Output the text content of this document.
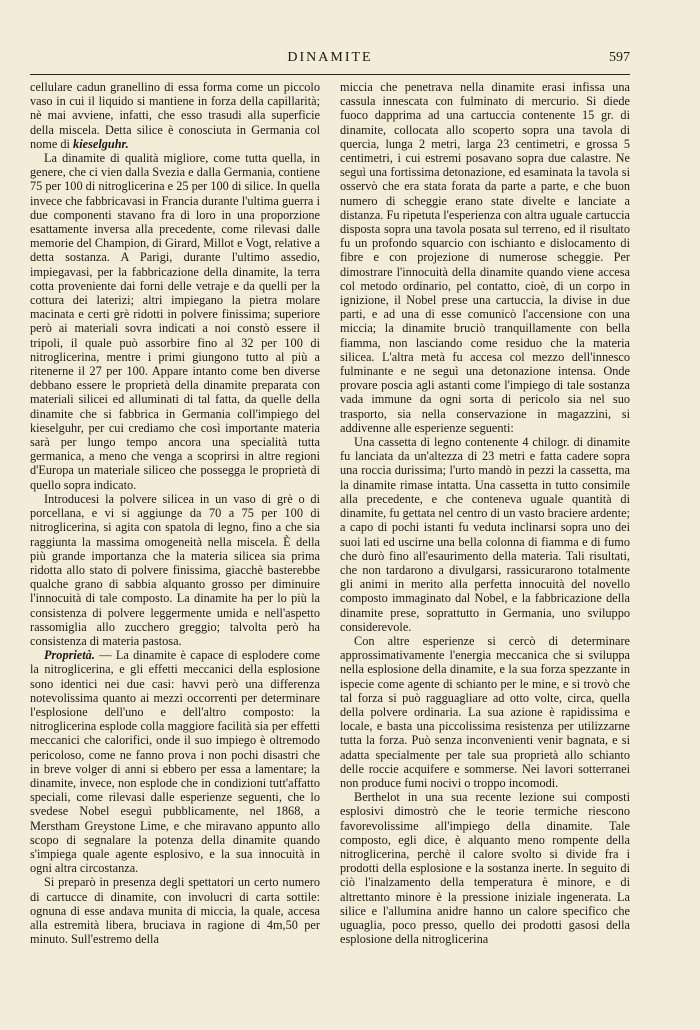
DINAMITE	597

cellulare cadun granellino di essa forma come un piccolo vaso in cui il liquido si mantiene in forza della capillarità; nè mai avviene, infatti, che esso trasudi alla superficie della miscela. Detta silice è conosciuta in Germania col nome di kieselguhr.

La dinamite di qualità migliore, come tutta quella, in genere, che ci vien dalla Svezia e dalla Germania, contiene 75 per 100 di nitroglicerina e 25 per 100 di silice. In quella invece che fabbricavasi in Francia durante l'ultima guerra i due componenti stavano fra di loro in una proporzione esattamente inversa alla precedente, come rilevasi dalle memorie del Champion, di Girard, Millot e Vogt, relative a detta sostanza. A Parigi, durante l'ultimo assedio, impiegavasi, per la fabbricazione della dinamite, la terra cotta proveniente dai forni delle vetraje e da quelli per la cottura dei laterizi; altri impiegano la pietra molare macinata e certi grè ridotti in polvere finissima; superiore però ai materiali sovra indicati a noi constò essere il tripoli, il quale può assorbire fino al 32 per 100 di nitroglicerina, mentre i primi giungono tutto al più a ritenerne il 27 per 100. Appare intanto come ben diverse debbano essere le proprietà della dinamite preparata con materiali silicei ed alluminati di tal fatta, da quelle della dinamite che si fabbrica in Germania coll'impiego del kieselguhr, per cui crediamo che così importante materia sarà per lungo tempo ancora una specialità tutta germanica, a meno che venga a scoprirsi in altre regioni d'Europa un materiale siliceo che possegga le proprietà di quello sopra indicato.

Introducesi la polvere silicea in un vaso di grè o di porcellana, e vi si aggiunge da 70 a 75 per 100 di nitroglicerina, si agita con spatola di legno, fino a che sia raggiunta la massima omogeneità nella miscela. È della più grande importanza che la materia silicea sia prima ridotta allo stato di polvere finissima, giacchè basterebbe qualche grano di sabbia alquanto grosso per diminuire l'innocuità di tale composto. La dinamite ha per lo più la consistenza di polvere leggermente umida e nell'aspetto rassomiglia allo zucchero greggio; talvolta però ha consistenza di materia pastosa.

Proprietà. — La dinamite è capace di esplodere come la nitroglicerina, e gli effetti meccanici della esplosione sono identici nei due casi: havvi però una differenza notevolissima quanto ai mezzi occorrenti per determinare l'esplosione dell'uno e dell'altro composto: la nitroglicerina esplode colla maggiore facilità sia per effetti meccanici che calorifici, onde il suo impiego è oltremodo pericoloso, come ne fanno prova i non pochi disastri che in breve volger di anni si ebbero per essa a lamentare; la dinamite, invece, non esplode che in condizioni tutt'affatto speciali, come rilevasi dalle esperienze seguenti, che lo svedese Nobel eseguì pubblicamente, nel 1868, a Merstham Greystone Lime, e che miravano appunto allo scopo di segnalare la potenza della dinamite quando s'impiega quale agente esplosivo, e la sua innocuità in ogni altra circostanza.

Si preparò in presenza degli spettatori un certo numero di cartucce di dinamite, con involucri di carta sottile: ognuna di esse andava munita di miccia, la quale, accesa alla estremità libera, bruciava in ragione di 4m,50 per minuto. Sull'estremo della

miccia che penetrava nella dinamite erasi infissa una cassula innescata con fulminato di mercurio. Si diede fuoco dapprima ad una cartuccia contenente 15 gr. di dinamite, collocata allo scoperto sopra una tavola di quercia, lunga 2 metri, larga 23 centimetri, e grossa 5 centimetri, i cui estremi posavano sopra due calastre. Ne seguì una fortissima detonazione, ed esaminata la tavola si osservò che era stata forata da parte a parte, e che buon numero di scheggie erano state divelte e lanciate a distanza. Fu ripetuta l'esperienza con altra uguale cartuccia disposta sopra una tavola posata sul terreno, ed il risultato fu un profondo squarcio con ischianto e dislocamento di fibre e con projezione di numerose scheggie. Per dimostrare l'innocuità della dinamite quando viene accesa col metodo ordinario, pel contatto, cioè, di un corpo in ignizione, il Nobel prese una cartuccia, la divise in due parti, e ad una di esse comunicò l'accensione con una miccia; la dinamite bruciò tranquillamente con bella fiamma, non lasciando come residuo che la materia silicea. L'altra metà fu accesa col mezzo dell'innesco fulminante e ne seguì una detonazione intensa. Onde provare poscia agli astanti come l'impiego di tale sostanza vada immune da ogni sorta di pericolo sia nel suo trasporto, sia nella conservazione in magazzini, si addivenne alle esperienze seguenti:

Una cassetta di legno contenente 4 chilogr. di dinamite fu lanciata da un'altezza di 23 metri e fatta cadere sopra una roccia durissima; l'urto mandò in pezzi la cassetta, ma la dinamite rimase intatta. Una cassetta in tutto consimile alla precedente, e che conteneva uguale quantità di dinamite, fu gettata nel centro di un vasto braciere ardente; a capo di pochi istanti fu veduta inclinarsi sopra uno dei suoi lati ed uscirne una bella colonna di fiamma e di fumo che durò fino all'esaurimento della materia. Tali risultati, che non tardarono a divulgarsi, rassicurarono totalmente gli animi in merito alla perfetta innocuità del novello composto immaginato dal Nobel, e la fabbricazione della dinamite prese, soprattutto in Germania, uno sviluppo considerevole.

Con altre esperienze si cercò di determinare approssimativamente l'energia meccanica che si sviluppa nella esplosione della dinamite, e la sua forza spezzante in ispecie come agente di schianto per le mine, e si trovò che tal forza si può ragguagliare ad otto volte, circa, quella della polvere ordinaria. La sua azione è rapidissima e locale, e basta una piccolissima resistenza per utilizzarne tutta la forza. Può senza inconvenienti venir bagnata, e si adatta specialmente per tale sua proprietà allo schianto delle roccie acquifere e sommerse. Nei lavori sotterranei non produce fumi nocivi o troppo incomodi.

Berthelot in una sua recente lezione sui composti esplosivi dimostrò che le teorie termiche riescono favorevolissime all'impiego della dinamite. Tale composto, egli dice, è alquanto meno rompente della nitroglicerina, perchè il calore svolto si divide fra i prodotti della esplosione e la sostanza inerte. In seguito di ciò l'inalzamento della temperatura è minore, e di altrettanto minore è la pressione iniziale ingenerata. La silice e l'allumina anidre hanno un calore specifico che uguaglia, poco presso, quello dei prodotti gasosi della esplosione della nitroglicerina
